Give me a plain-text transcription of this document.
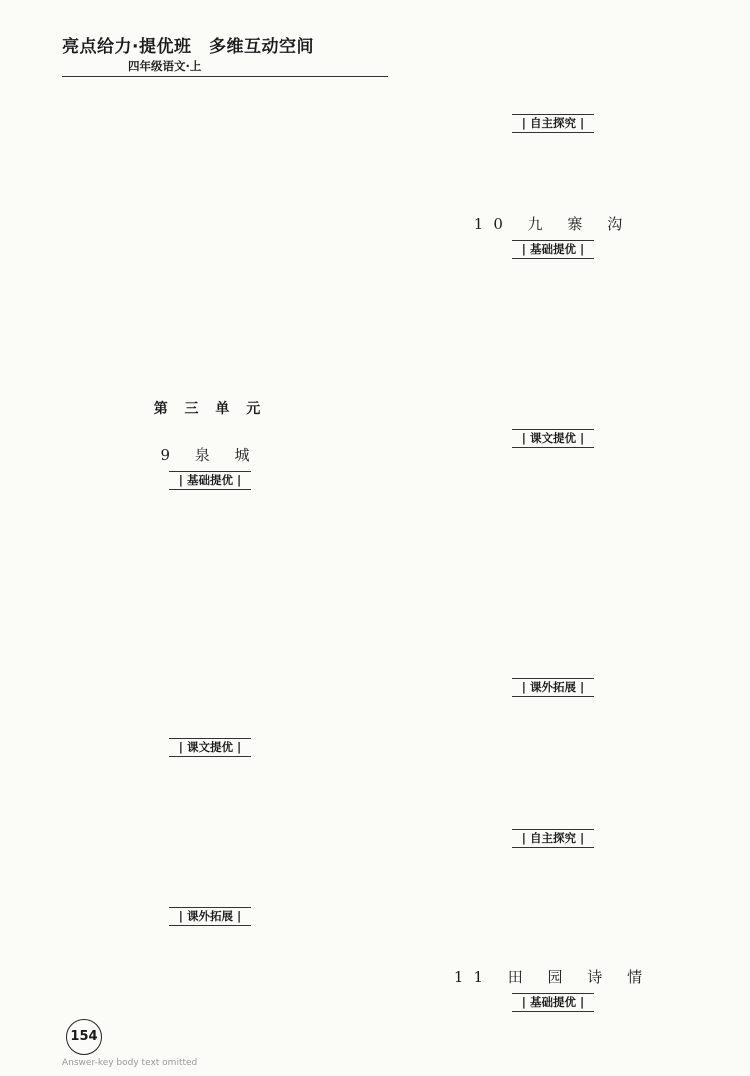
亮点给力·提优班　多维互动空间
四年级语文·上
第 三 单 元
9 泉 城
| 基础提优 |
| 课文提优 |
| 课外拓展 |
| 自主探究 |
10 九 寨 沟
| 基础提优 |
| 课文提优 |
| 课外拓展 |
| 自主探究 |
11 田 园 诗 情
| 基础提优 |
154
Answer-key body text omitted
